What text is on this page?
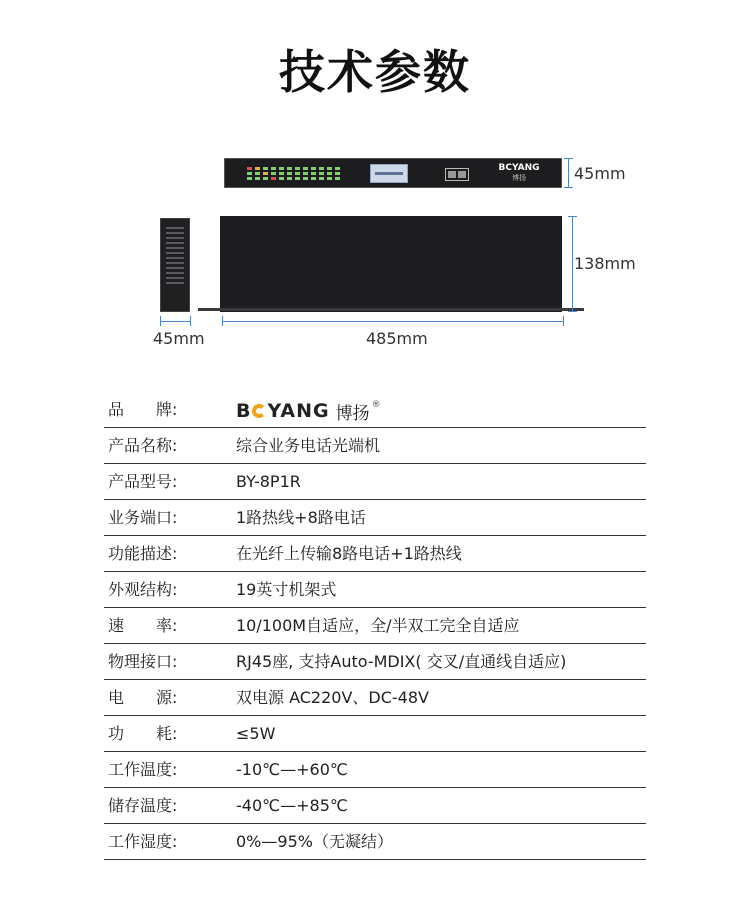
技术参数
BCYANG
博扬	45mm
138mm
45mm	485mm
品　　牌:	B YANG 博扬 ®
产品名称:	综合业务电话光端机
产品型号:	BY-8P1R
业务端口:	1路热线+8路电话
功能描述:	在光纤上传输8路电话+1路热线
外观结构:	19英寸机架式
速　　率:	10/100M自适应，全/半双工完全自适应
物理接口:	RJ45座, 支持Auto-MDIX( 交叉/直通线自适应)
电　　源:	双电源 AC220V、DC-48V
功　　耗:	≤5W
工作温度:	-10℃—+60℃
储存温度:	-40℃—+85℃
工作湿度:	0%—95%（无凝结）
